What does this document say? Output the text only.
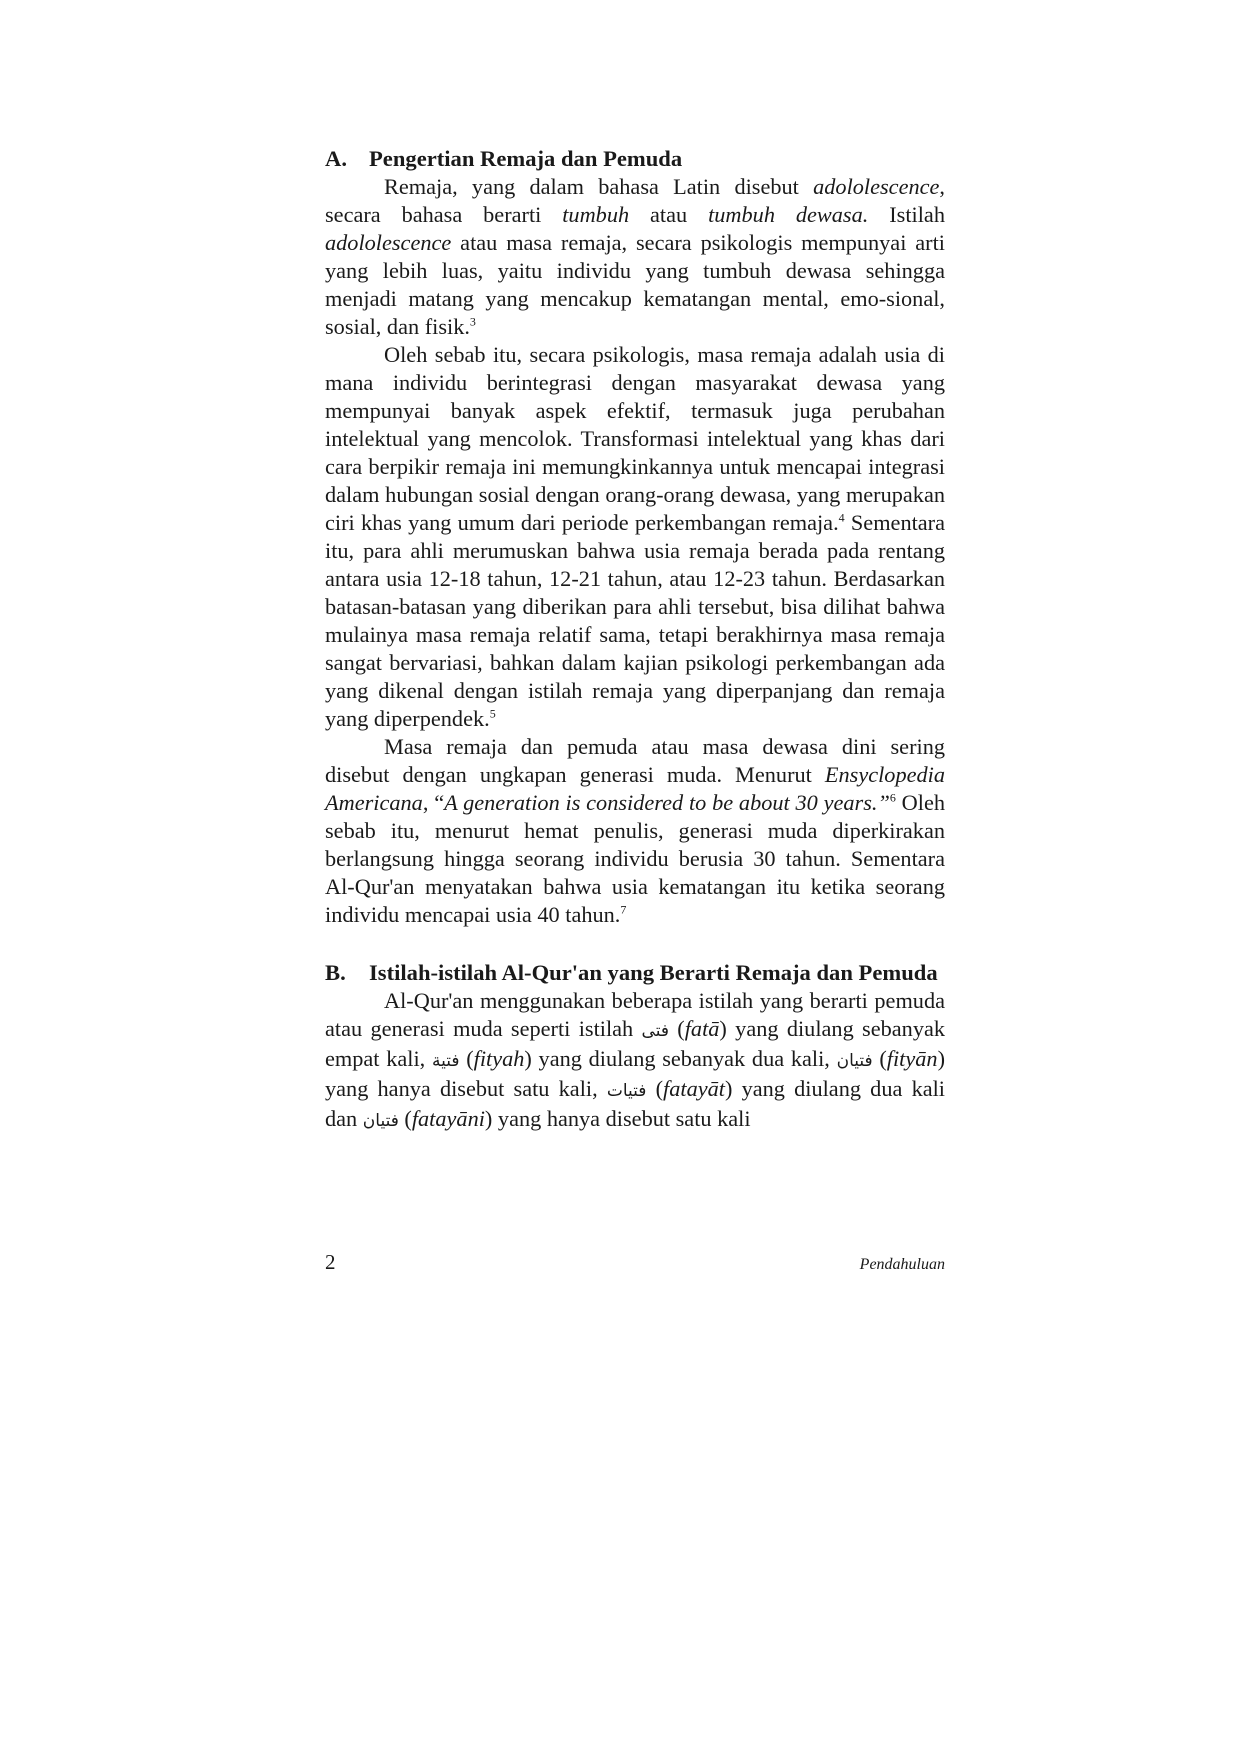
A. Pengertian Remaja dan Pemuda

Remaja, yang dalam bahasa Latin disebut adololescence, secara bahasa berarti tumbuh atau tumbuh dewasa. Istilah adololescence atau masa remaja, secara psikologis mempunyai arti yang lebih luas, yaitu individu yang tumbuh dewasa sehingga menjadi matang yang mencakup kematangan mental, emo-sional, sosial, dan fisik.$^3$

Oleh sebab itu, secara psikologis, masa remaja adalah usia di mana individu berintegrasi dengan masyarakat dewasa yang mempunyai banyak aspek efektif, termasuk juga perubahan intelektual yang mencolok. Transformasi intelektual yang khas dari cara berpikir remaja ini memungkinkannya untuk mencapai integrasi dalam hubungan sosial dengan orang-orang dewasa, yang merupakan ciri khas yang umum dari periode perkembangan remaja.$^4$ Sementara itu, para ahli merumuskan bahwa usia remaja berada pada rentang antara usia 12-18 tahun, 12-21 tahun, atau 12-23 tahun. Berdasarkan batasan-batasan yang diberikan para ahli tersebut, bisa dilihat bahwa mulainya masa remaja relatif sama, tetapi berakhirnya masa remaja sangat bervariasi, bahkan dalam kajian psikologi perkembangan ada yang dikenal dengan istilah remaja yang diperpanjang dan remaja yang diperpendek.$^5$

Masa remaja dan pemuda atau masa dewasa dini sering disebut dengan ungkapan generasi muda. Menurut Ensyclopedia Americana, “A generation is considered to be about 30 years.”$^6$ Oleh sebab itu, menurut hemat penulis, generasi muda diperkirakan berlangsung hingga seorang individu berusia 30 tahun. Sementara Al-Qur'an menyatakan bahwa usia kematangan itu ketika seorang individu mencapai usia 40 tahun.$^7$

B.	Istilah-istilah Al-Qur'an yang Berarti Remaja dan Pemuda

Al-Qur'an menggunakan beberapa istilah yang berarti pemuda atau generasi muda seperti istilah فتى (fatā) yang diulang sebanyak empat kali, فتية (fityah) yang diulang sebanyak dua kali, فتيان (fityān) yang hanya disebut satu kali, فتيات (fatayāt) yang diulang dua kali dan فتيان (fatayāni) yang hanya disebut satu kali

2	Pendahuluan
